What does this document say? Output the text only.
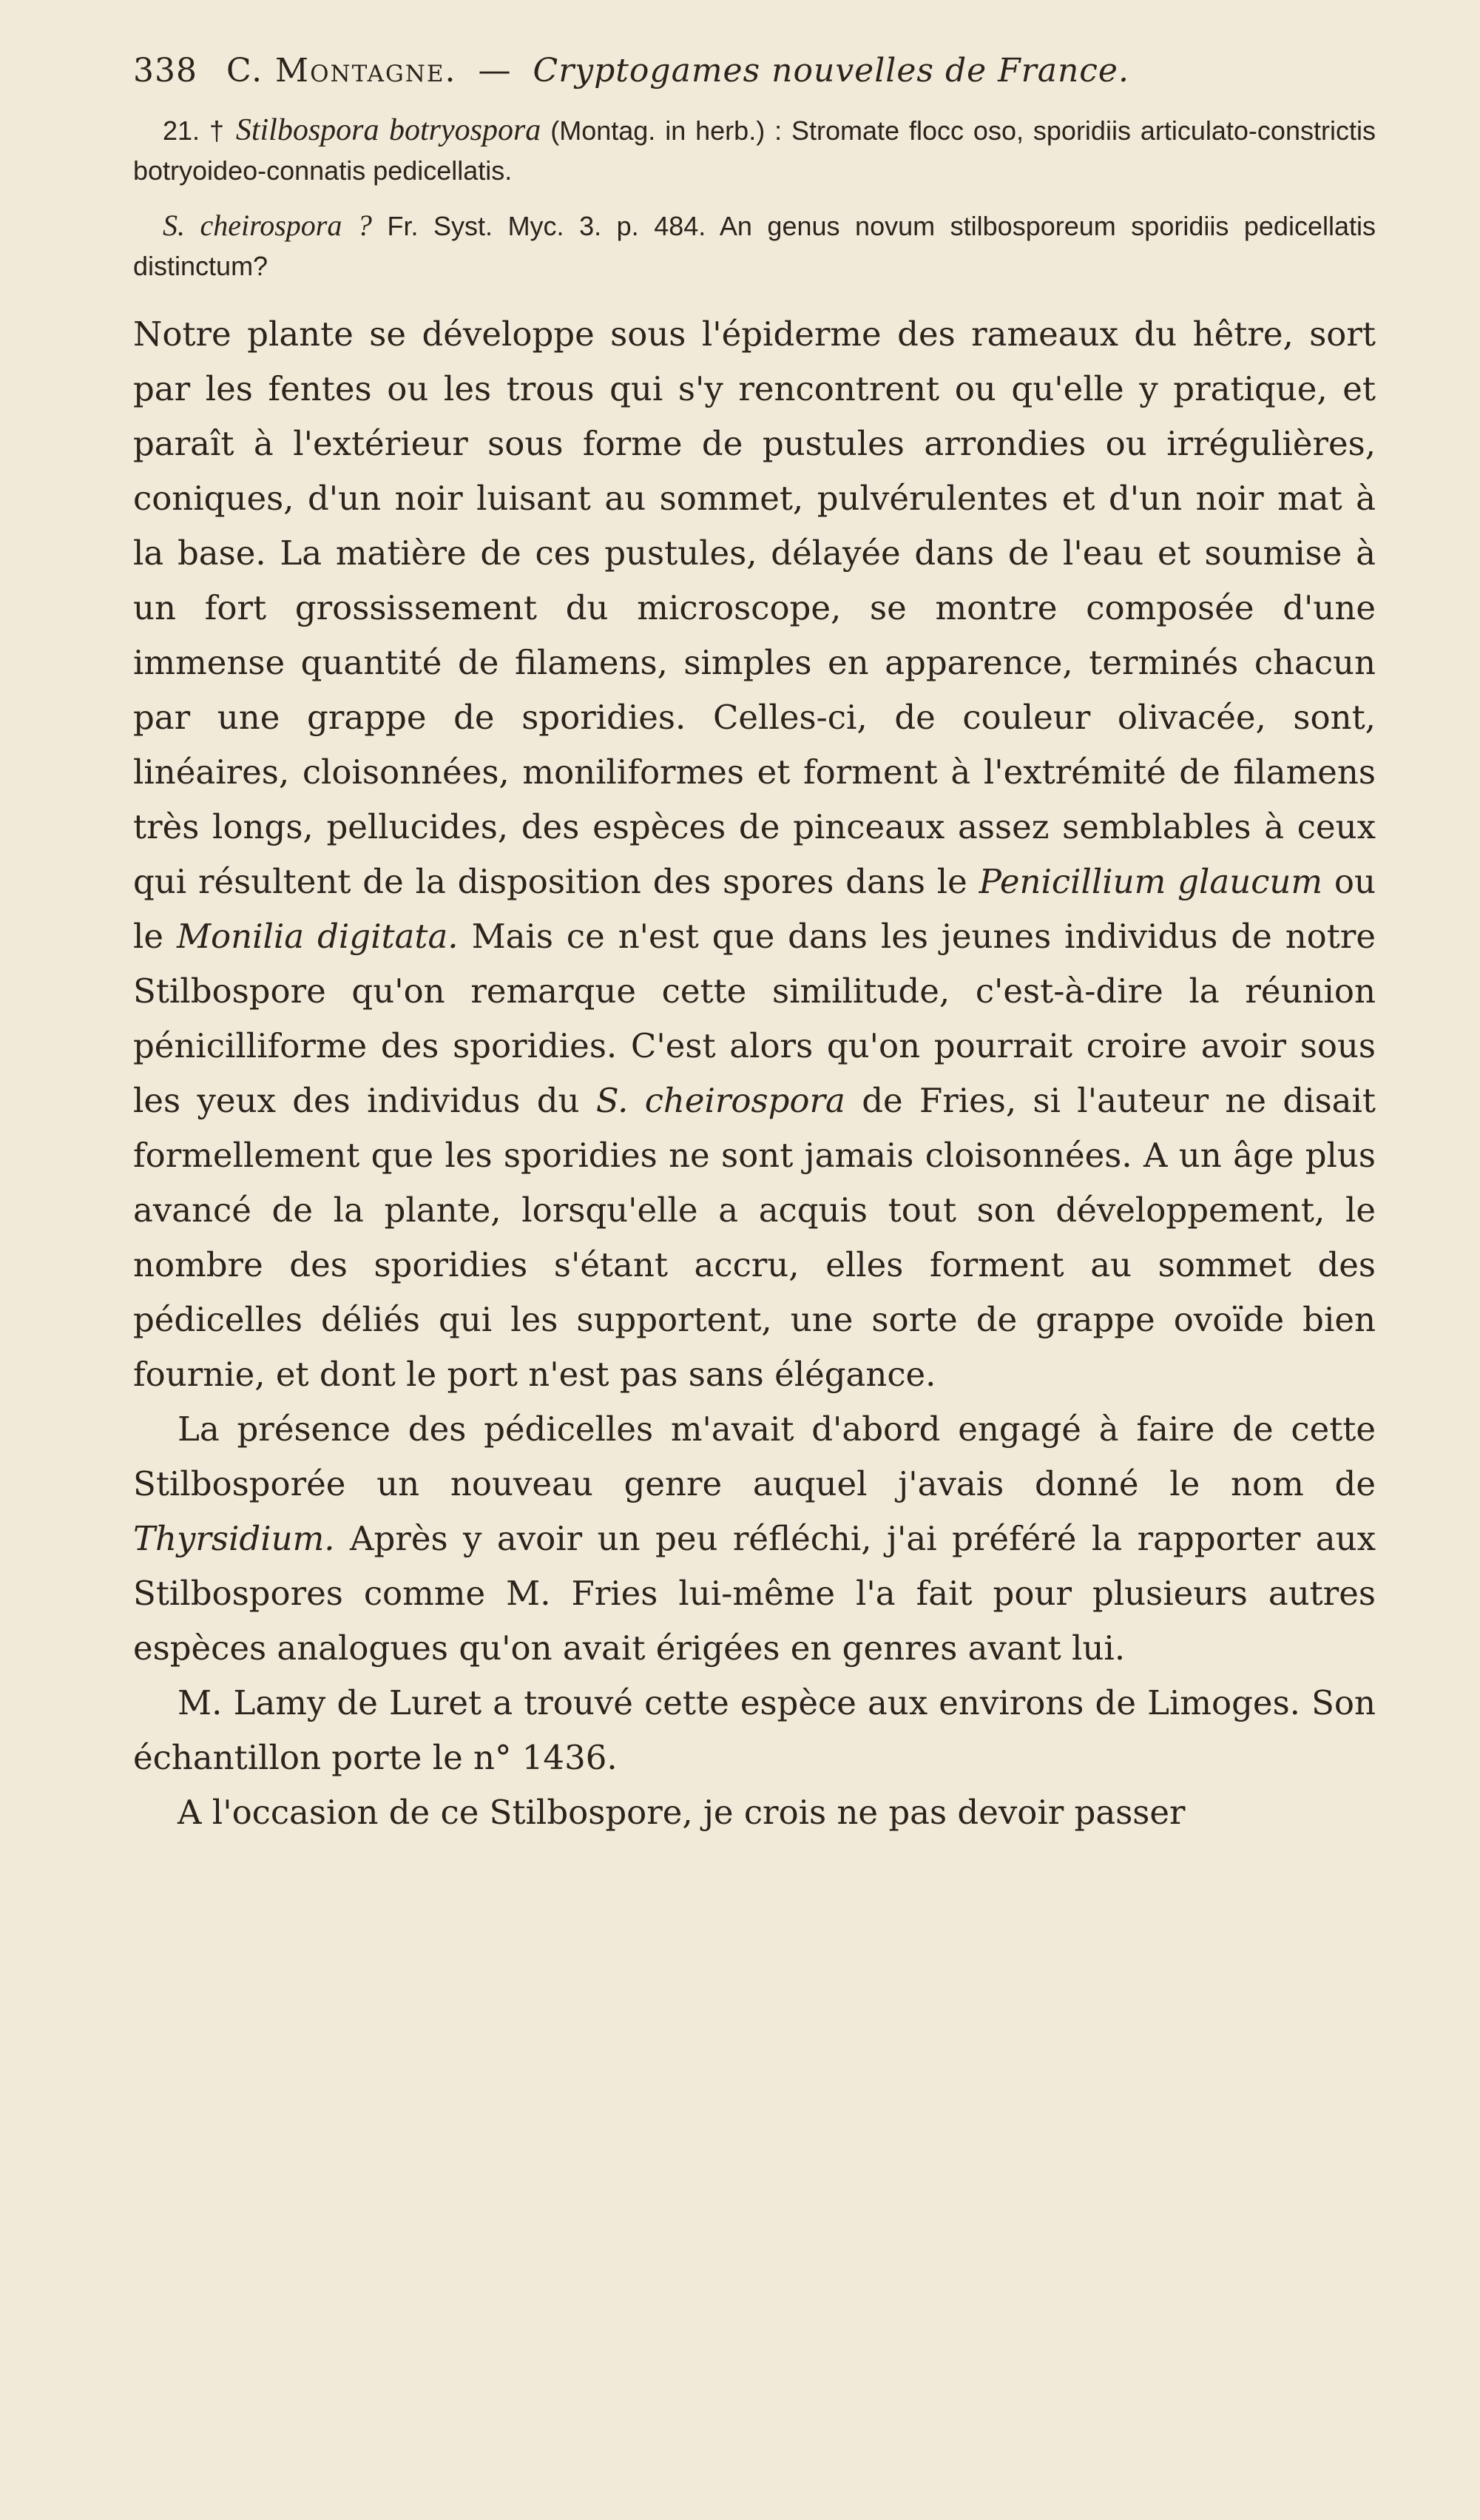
338 C. Montagne. — Cryptogames nouvelles de France.
21. † Stilbospora botryospora (Montag. in herb.) : Stromate flocc oso, sporidiis articulato-constrictis botryoideo-connatis pedicellatis.
S. cheirospora ? Fr. Syst. Myc. 3. p. 484. An genus novum stilbosporeum sporidiis pedicellatis distinctum?

Notre plante se développe sous l'épiderme des rameaux du hêtre, sort par les fentes ou les trous qui s'y rencontrent ou qu'elle y pratique, et paraît à l'extérieur sous forme de pustules arrondies ou irrégulières, coniques, d'un noir luisant au sommet, pulvérulentes et d'un noir mat à la base. La matière de ces pustules, délayée dans de l'eau et soumise à un fort grossissement du microscope, se montre composée d'une immense quantité de filamens, simples en apparence, terminés chacun par une grappe de sporidies. Celles-ci, de couleur olivacée, sont, linéaires, cloisonnées, moniliformes et forment à l'extrémité de filamens très longs, pellucides, des espèces de pinceaux assez semblables à ceux qui résultent de la disposition des spores dans le Penicillium glaucum ou le Monilia digitata. Mais ce n'est que dans les jeunes individus de notre Stilbospore qu'on remarque cette similitude, c'est-à-dire la réunion pénicilliforme des sporidies. C'est alors qu'on pourrait croire avoir sous les yeux des individus du S. cheirospora de Fries, si l'auteur ne disait formellement que les sporidies ne sont jamais cloisonnées. A un âge plus avancé de la plante, lorsqu'elle a acquis tout son développement, le nombre des sporidies s'étant accru, elles forment au sommet des pédicelles déliés qui les supportent, une sorte de grappe ovoïde bien fournie, et dont le port n'est pas sans élégance.

La présence des pédicelles m'avait d'abord engagé à faire de cette Stilbosporée un nouveau genre auquel j'avais donné le nom de Thyrsidium. Après y avoir un peu réfléchi, j'ai préféré la rapporter aux Stilbospores comme M. Fries lui-même l'a fait pour plusieurs autres espèces analogues qu'on avait érigées en genres avant lui.

M. Lamy de Luret a trouvé cette espèce aux environs de Limoges. Son échantillon porte le n° 1436.

A l'occasion de ce Stilbospore, je crois ne pas devoir passer
